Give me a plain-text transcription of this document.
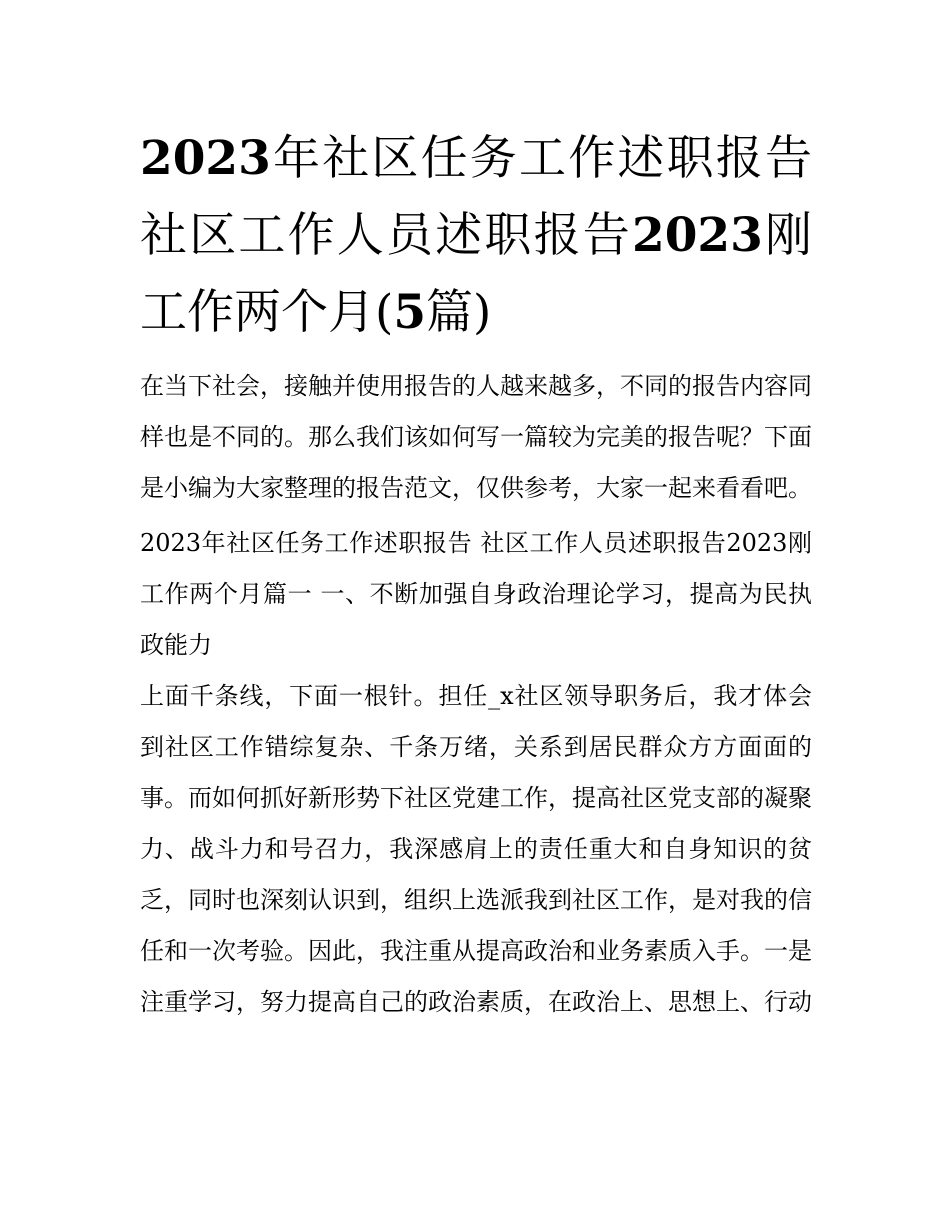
2023年社区任务工作述职报告社区工作人员述职报告2023刚工作两个月(5篇)

在当下社会，接触并使用报告的人越来越多，不同的报告内容同样也是不同的。那么我们该如何写一篇较为完美的报告呢？下面是小编为大家整理的报告范文，仅供参考，大家一起来看看吧。

2023年社区任务工作述职报告 社区工作人员述职报告2023刚工作两个月篇一 一、不断加强自身政治理论学习，提高为民执政能力

上面千条线，下面一根针。担任_x社区领导职务后，我才体会到社区工作错综复杂、千条万绪，关系到居民群众方方面面的事。而如何抓好新形势下社区党建工作，提高社区党支部的凝聚力、战斗力和号召力，我深感肩上的责任重大和自身知识的贫乏，同时也深刻认识到，组织上选派我到社区工作，是对我的信任和一次考验。因此，我注重从提高政治和业务素质入手。一是注重学习，努力提高自己的政治素质，在政治上、思想上、行动
